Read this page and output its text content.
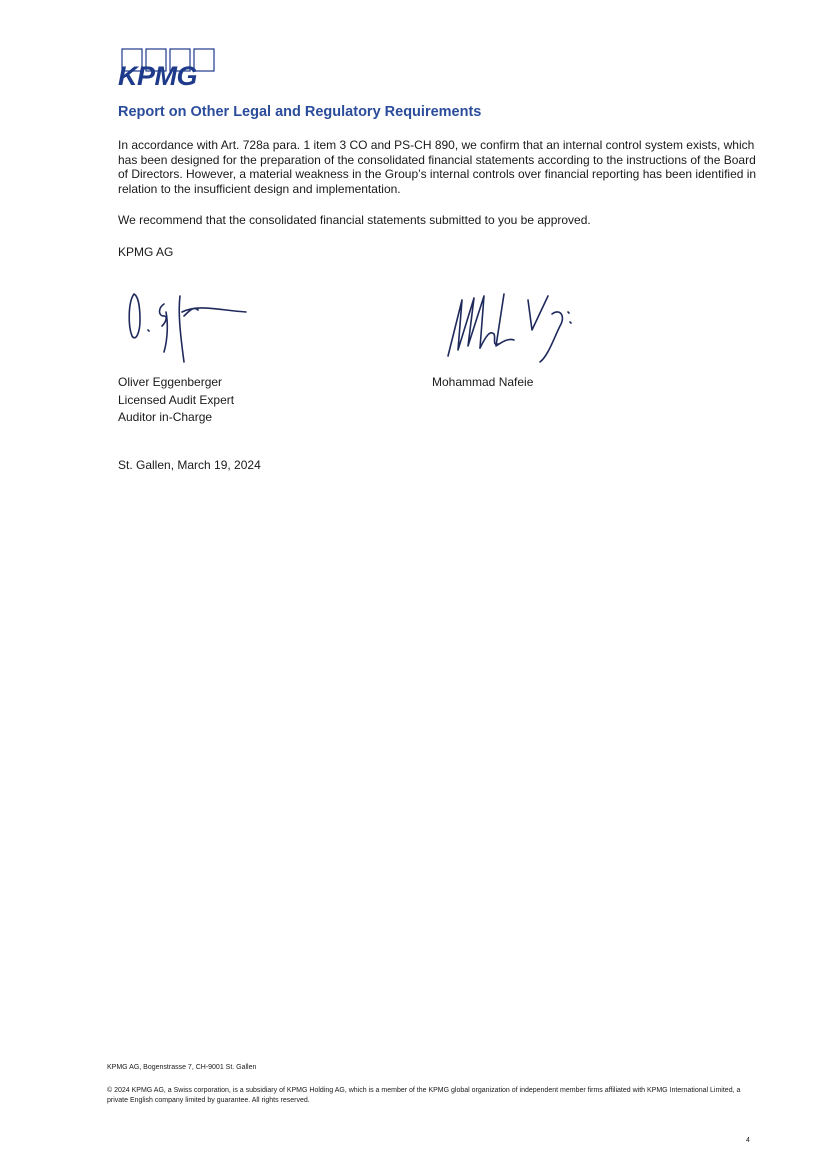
KPMG
Report on Other Legal and Regulatory Requirements

In accordance with Art. 728a para. 1 item 3 CO and PS-CH 890, we confirm that an internal control system exists, which has been designed for the preparation of the consolidated financial statements according to the instructions of the Board of Directors. However, a material weakness in the Group’s internal controls over financial reporting has been identified in relation to the insufficient design and implementation.

We recommend that the consolidated financial statements submitted to you be approved.

KPMG AG
Oliver Eggenberger
Licensed Audit Expert
Auditor in-Charge
Mohammad Nafeie
St. Gallen, March 19, 2024
KPMG AG, Bogenstrasse 7, CH-9001 St. Gallen

© 2024 KPMG AG, a Swiss corporation, is a subsidiary of KPMG Holding AG, which is a member of the KPMG global organization of independent member firms affiliated with KPMG International Limited, a private English company limited by guarantee. All rights reserved.

4
